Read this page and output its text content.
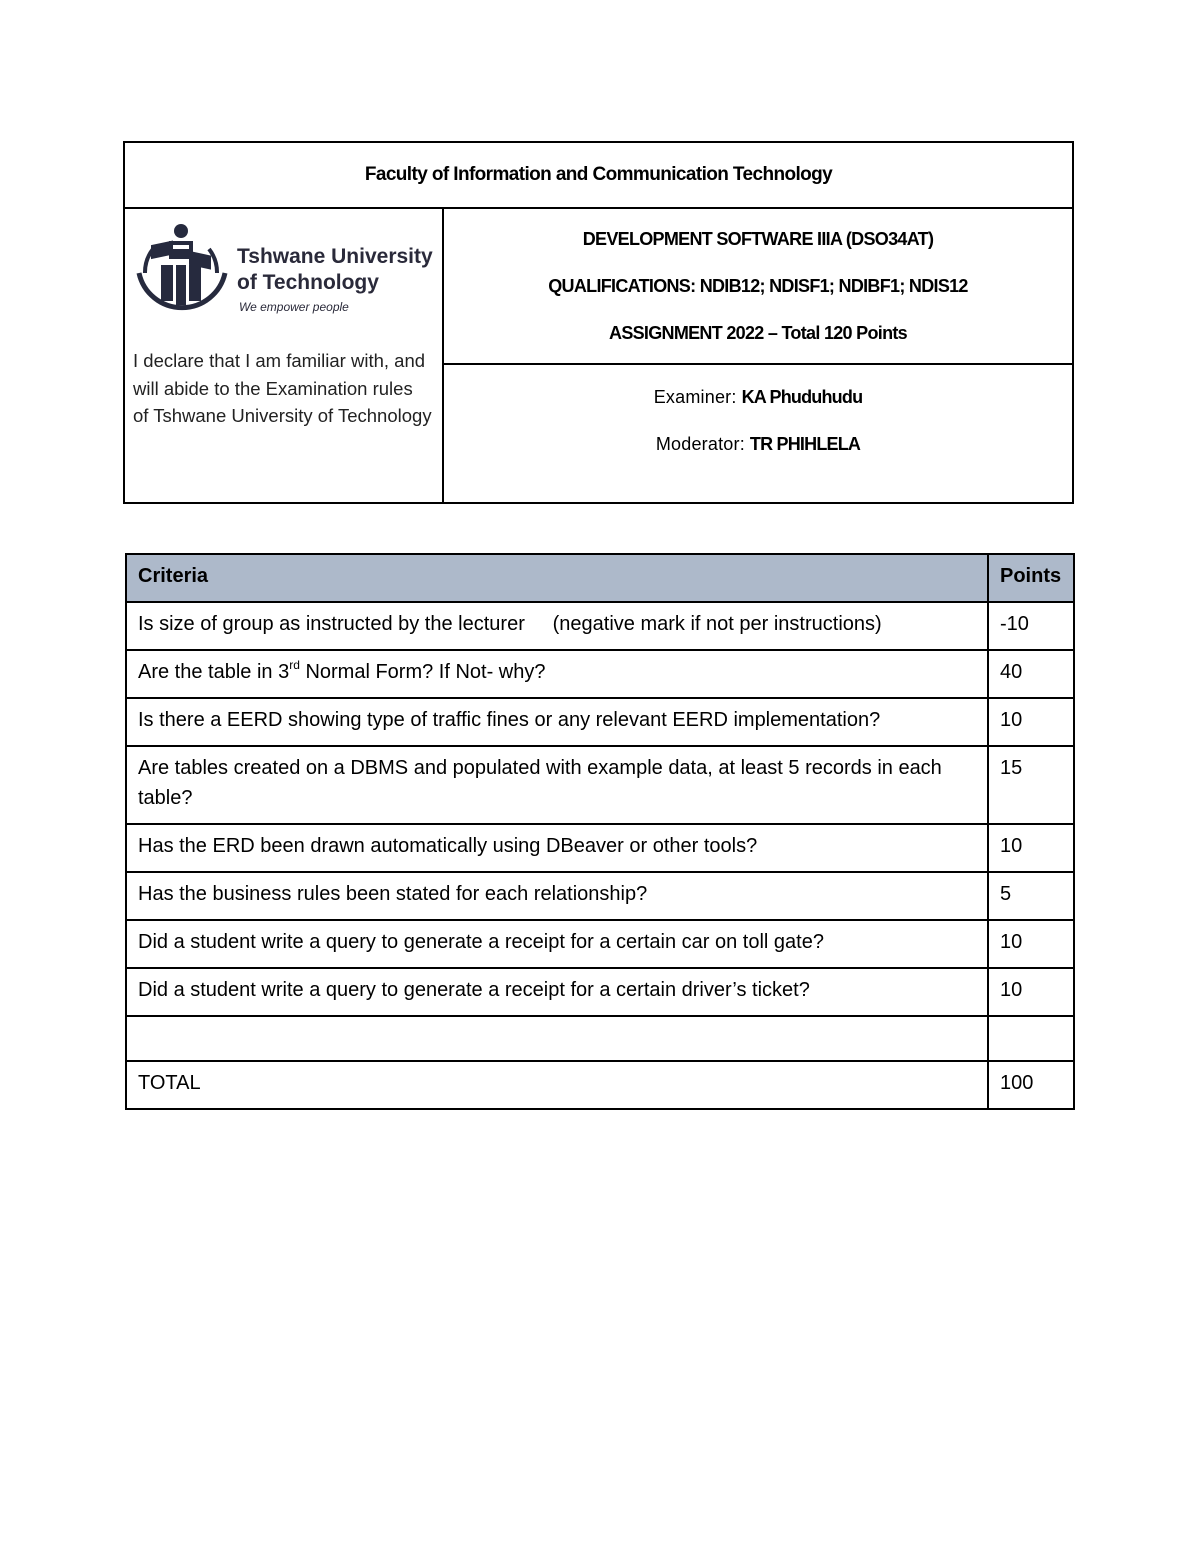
Faculty of Information and Communication Technology
Tshwane University
of Technology
We empower people
I declare that I am familiar with, and will abide to the Examination rules of Tshwane University of Technology
DEVELOPMENT SOFTWARE IIIA (DSO34AT)
QUALIFICATIONS: NDIB12; NDISF1; NDIBF1; NDIS12
ASSIGNMENT 2022 – Total 120 Points
Examiner: KA Phuduhudu
Moderator: TR PHIHLELA
Criteria	Points
Is size of group as instructed by the lecturer     (negative mark if not per instructions)	-10
Are the table in 3rd Normal Form? If Not- why?	40
Is there a EERD showing type of traffic fines or any relevant EERD implementation?	10
Are tables created on a DBMS and populated with example data, at least 5 records in each table?	15
Has the ERD been drawn automatically using DBeaver or other tools?	10
Has the business rules been stated for each relationship?	5
Did a student write a query to generate a receipt for a certain car on toll gate?	10
Did a student write a query to generate a receipt for a certain driver’s ticket?	10

TOTAL	100
